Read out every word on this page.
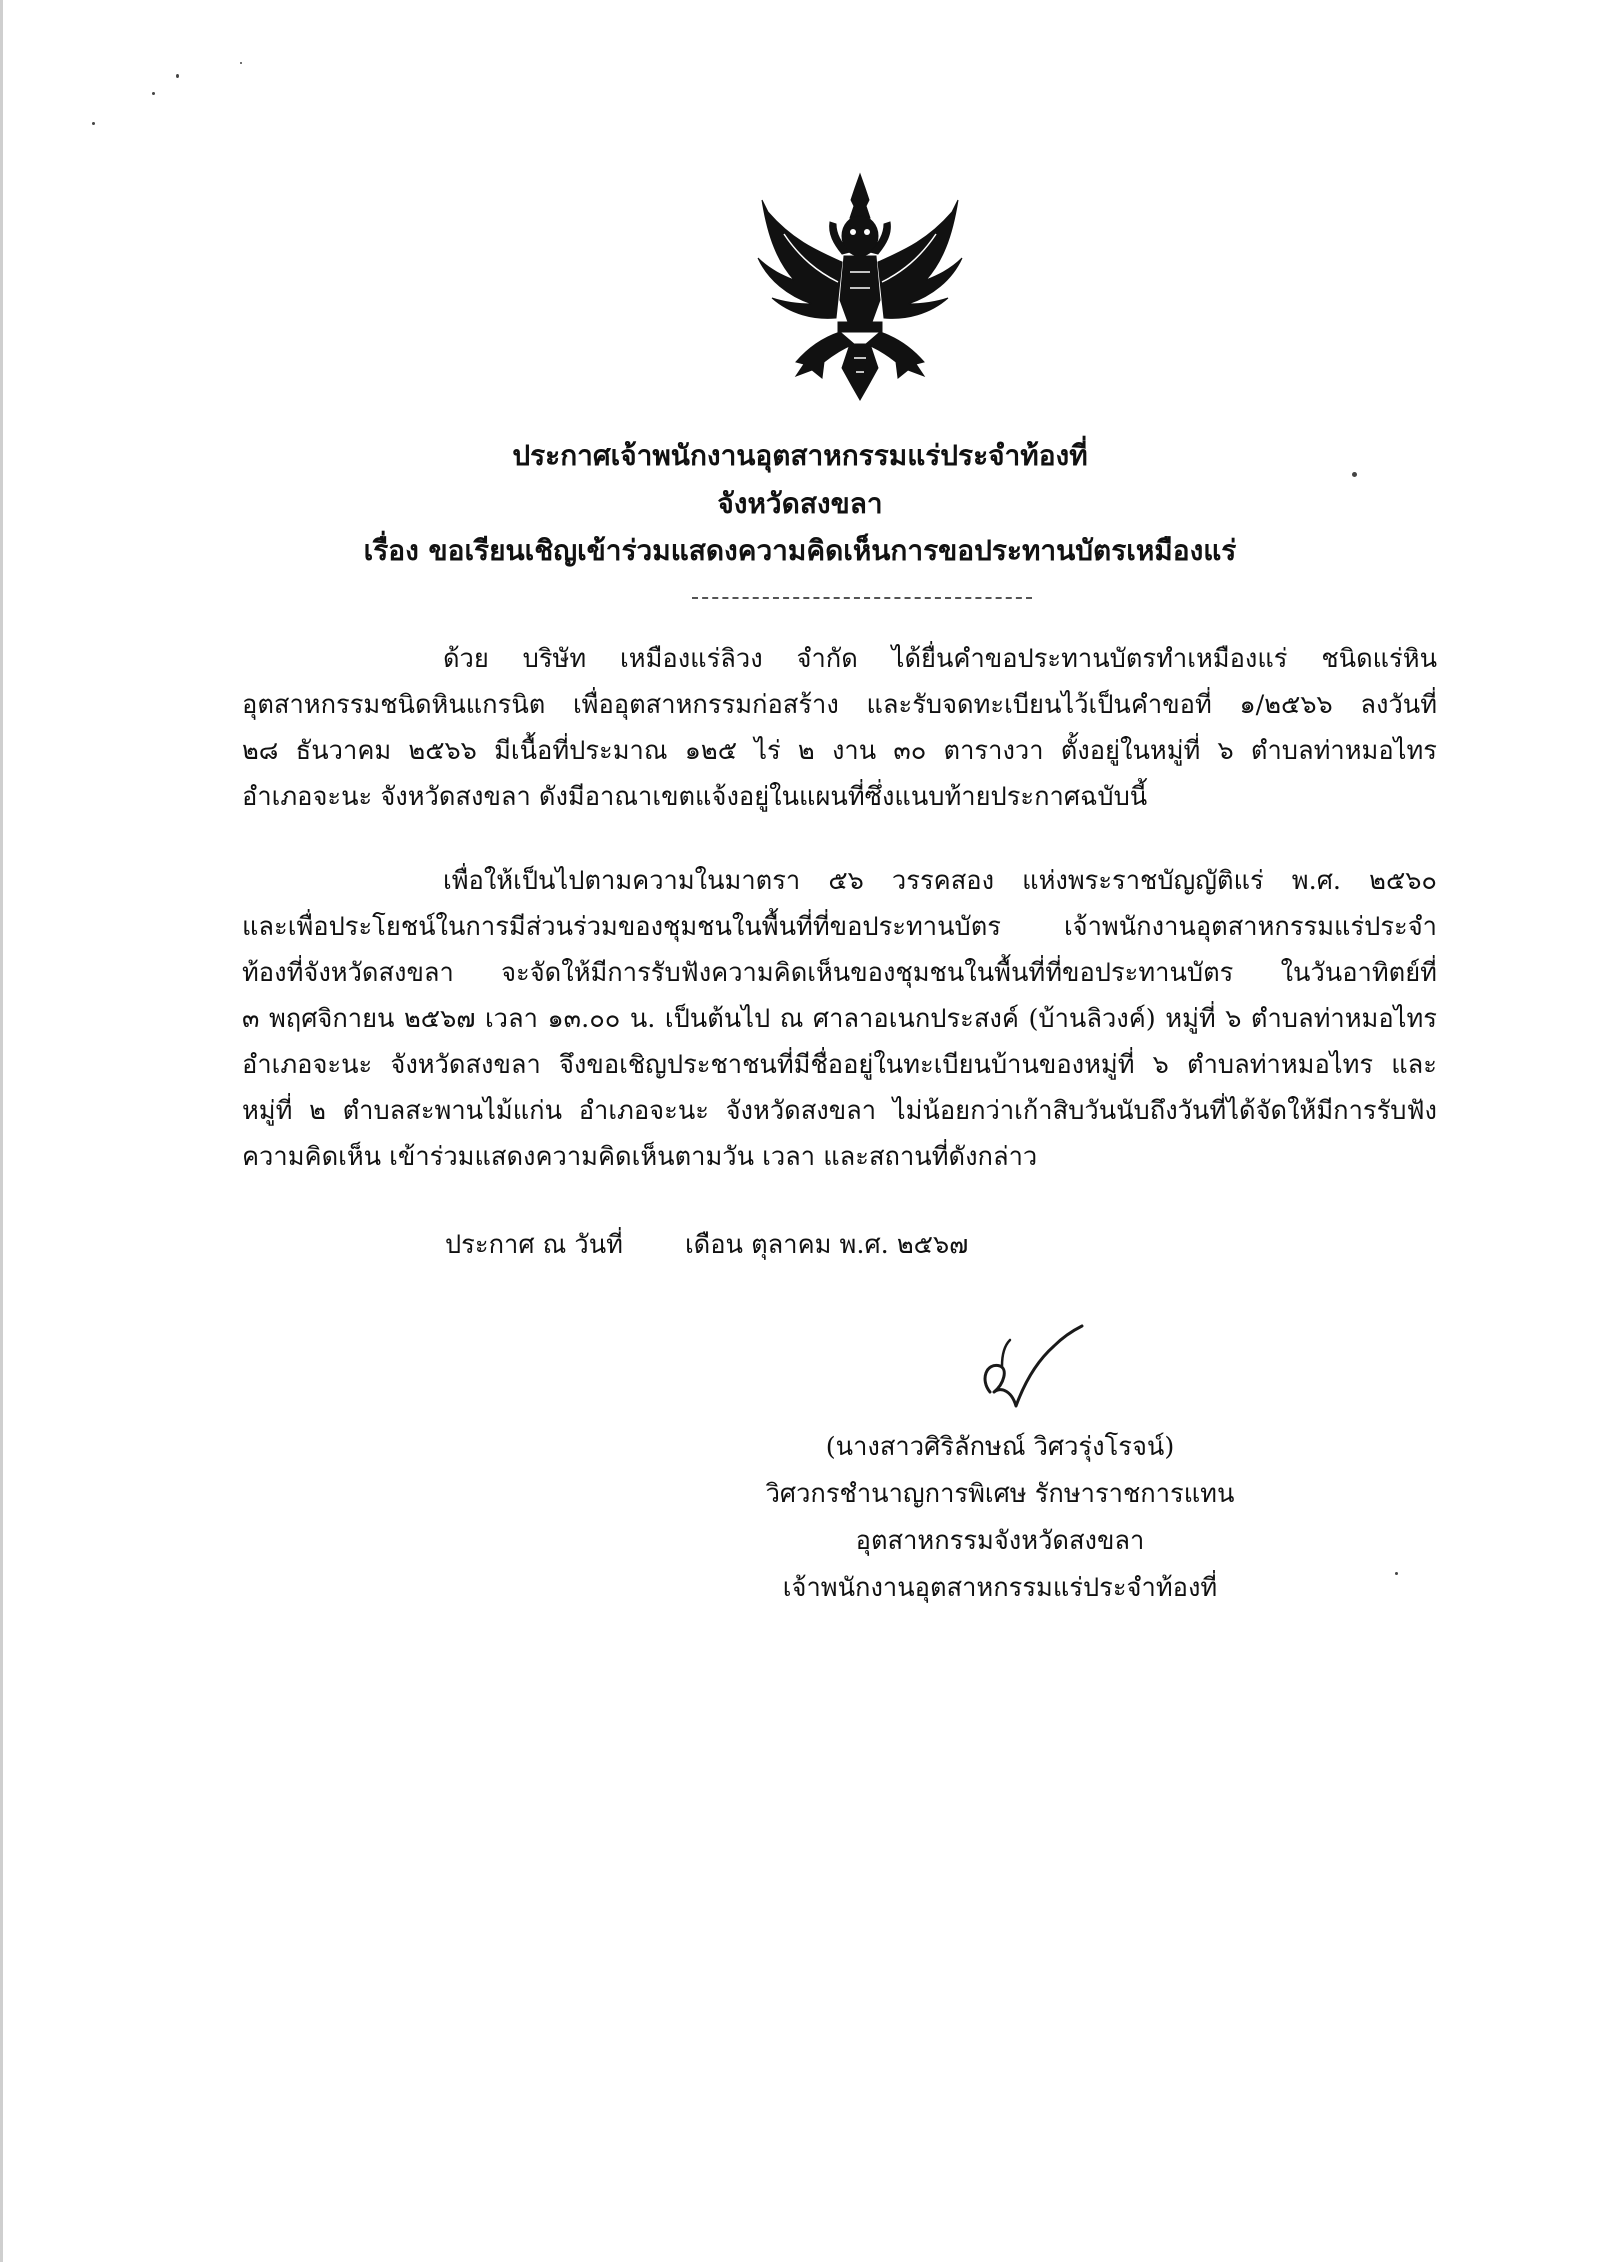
ประกาศเจ้าพนักงานอุตสาหกรรมแร่ประจำท้องที่
จังหวัดสงขลา
เรื่อง ขอเรียนเชิญเข้าร่วมแสดงความคิดเห็นการขอประทานบัตรเหมืองแร่
ด้วย บริษัท เหมืองแร่ลิวง จำกัด ได้ยื่นคำขอประทานบัตรทำเหมืองแร่ ชนิดแร่หิน
อุตสาหกรรมชนิดหินแกรนิต เพื่ออุตสาหกรรมก่อสร้าง และรับจดทะเบียนไว้เป็นคำขอที่ ๑/๒๕๖๖ ลงวันที่
๒๘ ธันวาคม ๒๕๖๖ มีเนื้อที่ประมาณ ๑๒๕ ไร่ ๒ งาน ๓๐ ตารางวา ตั้งอยู่ในหมู่ที่ ๖ ตำบลท่าหมอไทร
อำเภอจะนะ จังหวัดสงขลา ดังมีอาณาเขตแจ้งอยู่ในแผนที่ซึ่งแนบท้ายประกาศฉบับนี้
เพื่อให้เป็นไปตามความในมาตรา ๕๖ วรรคสอง แห่งพระราชบัญญัติแร่ พ.ศ. ๒๕๖๐
และเพื่อประโยชน์ในการมีส่วนร่วมของชุมชนในพื้นที่ที่ขอประทานบัตร เจ้าพนักงานอุตสาหกรรมแร่ประจำ
ท้องที่จังหวัดสงขลา จะจัดให้มีการรับฟังความคิดเห็นของชุมชนในพื้นที่ที่ขอประทานบัตร ในวันอาทิตย์ที่
๓ พฤศจิกายน ๒๕๖๗ เวลา ๑๓.๐๐ น. เป็นต้นไป ณ ศาลาอเนกประสงค์ (บ้านลิวงค์) หมู่ที่ ๖ ตำบลท่าหมอไทร
อำเภอจะนะ จังหวัดสงขลา จึงขอเชิญประชาชนที่มีชื่ออยู่ในทะเบียนบ้านของหมู่ที่ ๖ ตำบลท่าหมอไทร และ
หมู่ที่ ๒ ตำบลสะพานไม้แก่น อำเภอจะนะ จังหวัดสงขลา ไม่น้อยกว่าเก้าสิบวันนับถึงวันที่ได้จัดให้มีการรับฟัง
ความคิดเห็น เข้าร่วมแสดงความคิดเห็นตามวัน เวลา และสถานที่ดังกล่าว
ประกาศ ณ วันที่ เดือน ตุลาคม พ.ศ. ๒๕๖๗
(นางสาวศิริลักษณ์ วิศวรุ่งโรจน์)
วิศวกรชำนาญการพิเศษ รักษาราชการแทน
อุตสาหกรรมจังหวัดสงขลา
เจ้าพนักงานอุตสาหกรรมแร่ประจำท้องที่
